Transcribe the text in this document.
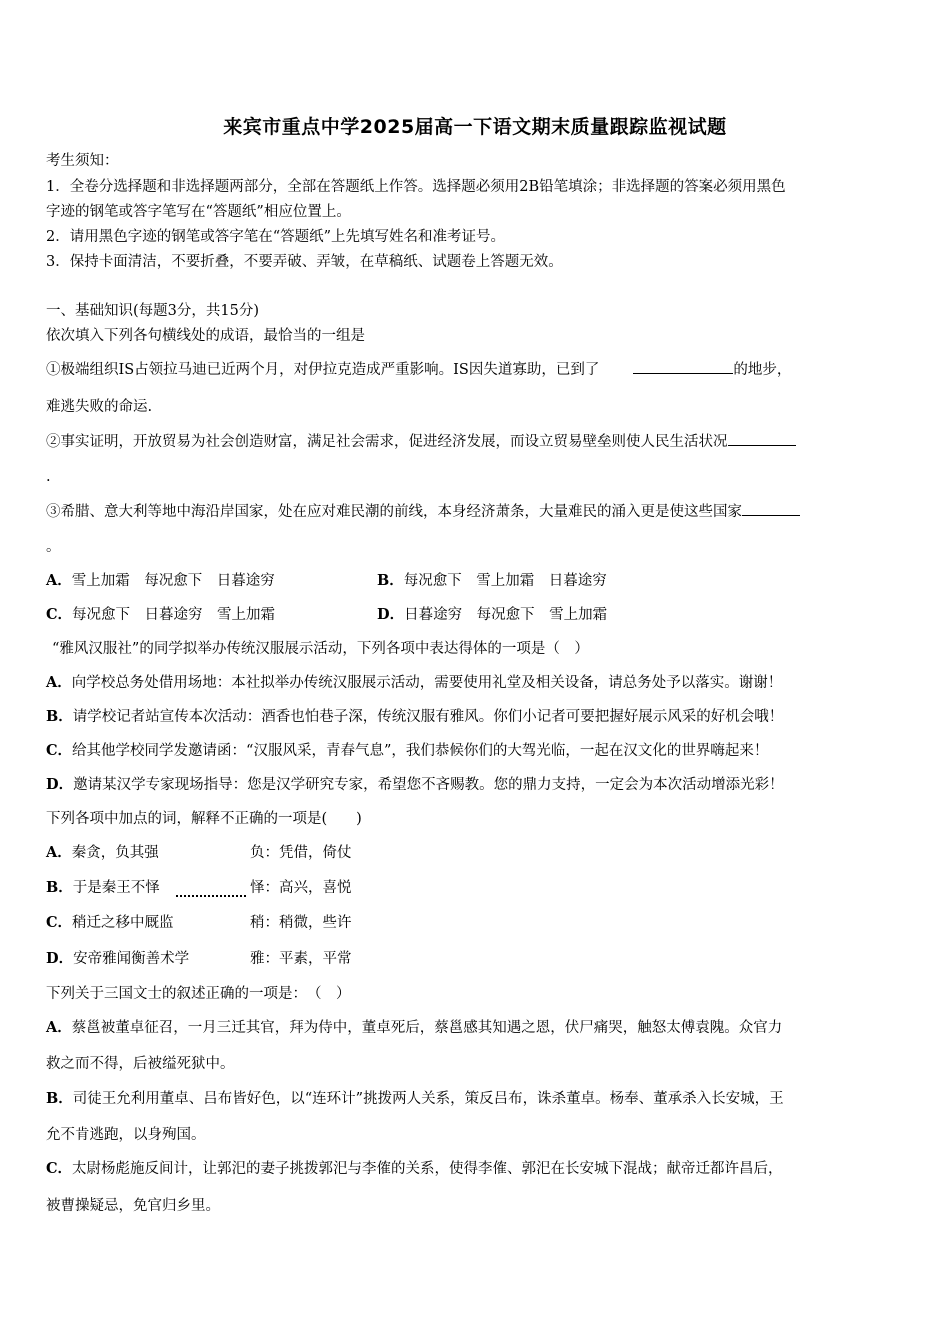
来宾市重点中学2025届高一下语文期末质量跟踪监视试题
考生须知：
1．全卷分选择题和非选择题两部分，全部在答题纸上作答。选择题必须用2B铅笔填涂；非选择题的答案必须用黑色
字迹的钢笔或答字笔写在“答题纸”相应位置上。
2．请用黑色字迹的钢笔或答字笔在“答题纸”上先填写姓名和准考证号。
3．保持卡面清洁，不要折叠，不要弄破、弄皱，在草稿纸、试题卷上答题无效。
一、基础知识(每题3分，共15分)
依次填入下列各句横线处的成语，最恰当的一组是
①极端组织IS占领拉马迪已近两个月，对伊拉克造成严重影响。IS因失道寡助，已到了	的地步，
难逃失败的命运.
②事实证明，开放贸易为社会创造财富，满足社会需求，促进经济发展，而设立贸易壁垒则使人民生活状况
.
③希腊、意大利等地中海沿岸国家，处在应对难民潮的前线，本身经济萧条，大量难民的涌入更是使这些国家
。
A．雪上加霜　每况愈下　日暮途穷	B．每况愈下　雪上加霜　日暮途穷
C．每况愈下　日暮途穷　雪上加霜	D．日暮途穷　每况愈下　雪上加霜
“雅风汉服社”的同学拟举办传统汉服展示活动，下列各项中表达得体的一项是（　）
A．向学校总务处借用场地：本社拟举办传统汉服展示活动，需要使用礼堂及相关设备，请总务处予以落实。谢谢！
B．请学校记者站宣传本次活动：酒香也怕巷子深，传统汉服有雅风。你们小记者可要把握好展示风采的好机会哦！
C．给其他学校同学发邀请函：“汉服风采，青春气息”，我们恭候你们的大驾光临，一起在汉文化的世界嗨起来！
D．邀请某汉学专家现场指导：您是汉学研究专家，希望您不吝赐教。您的鼎力支持，一定会为本次活动增添光彩！
下列各项中加点的词，解释不正确的一项是(　　)
A．秦贪，负其强	负：凭借，倚仗
B．于是秦王不怿	怿：高兴，喜悦
C．稍迁之移中厩监	稍：稍微，些许
D．安帝雅闻衡善术学	雅：平素，平常
下列关于三国文士的叙述正确的一项是：　（　）
A．蔡邕被董卓征召，一月三迁其官，拜为侍中，董卓死后，蔡邕感其知遇之恩，伏尸痛哭，触怒太傅袁隗。众官力
救之而不得，后被缢死狱中。
B．司徒王允利用董卓、吕布皆好色，以“连环计”挑拨两人关系，策反吕布，诛杀董卓。杨奉、董承杀入长安城，王
允不肯逃跑，以身殉国。
C．太尉杨彪施反间计，让郭汜的妻子挑拨郭汜与李傕的关系，使得李傕、郭汜在长安城下混战；献帝迁都许昌后，
被曹操疑忌，免官归乡里。
